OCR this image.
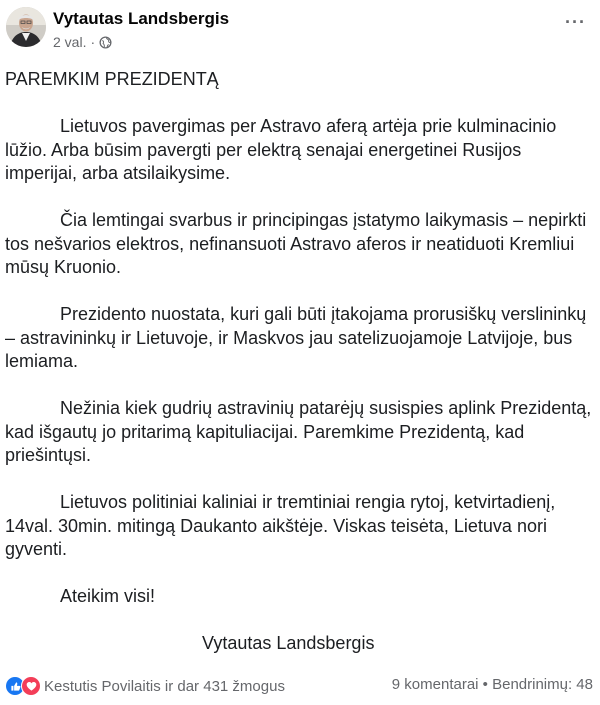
Vytautas Landsbergis
2 val. ·
···

PAREMKIM PREZIDENTĄ

Lietuvos pavergimas per Astravo aferą artėja prie kulminacinio lūžio. Arba būsim pavergti per elektrą senajai energetinei Rusijos imperijai, arba atsilaikysime.

Čia lemtingai svarbus ir principingas įstatymo laikymasis – nepirkti tos nešvarios elektros, nefinansuoti Astravo aferos ir neatiduoti Kremliui mūsų Kruonio.

Prezidento nuostata, kuri gali būti įtakojama prorusiškų verslininkų – astravininkų ir Lietuvoje, ir Maskvos jau satelizuojamoje Latvijoje, bus lemiama.

Nežinia kiek gudrių astravinių patarėjų susispies aplink Prezidentą, kad išgautų jo pritarimą kapituliacijai. Paremkime Prezidentą, kad priešintųsi.

Lietuvos politiniai kaliniai ir tremtiniai rengia rytoj, ketvirtadienį, 14val. 30min. mitingą Daukanto aikštėje. Viskas teisėta, Lietuva nori gyventi.

Ateikim visi!

Vytautas Landsbergis

Kestutis Povilaitis ir dar 431 žmogus	9 komentarai • Bendrinimų: 48
